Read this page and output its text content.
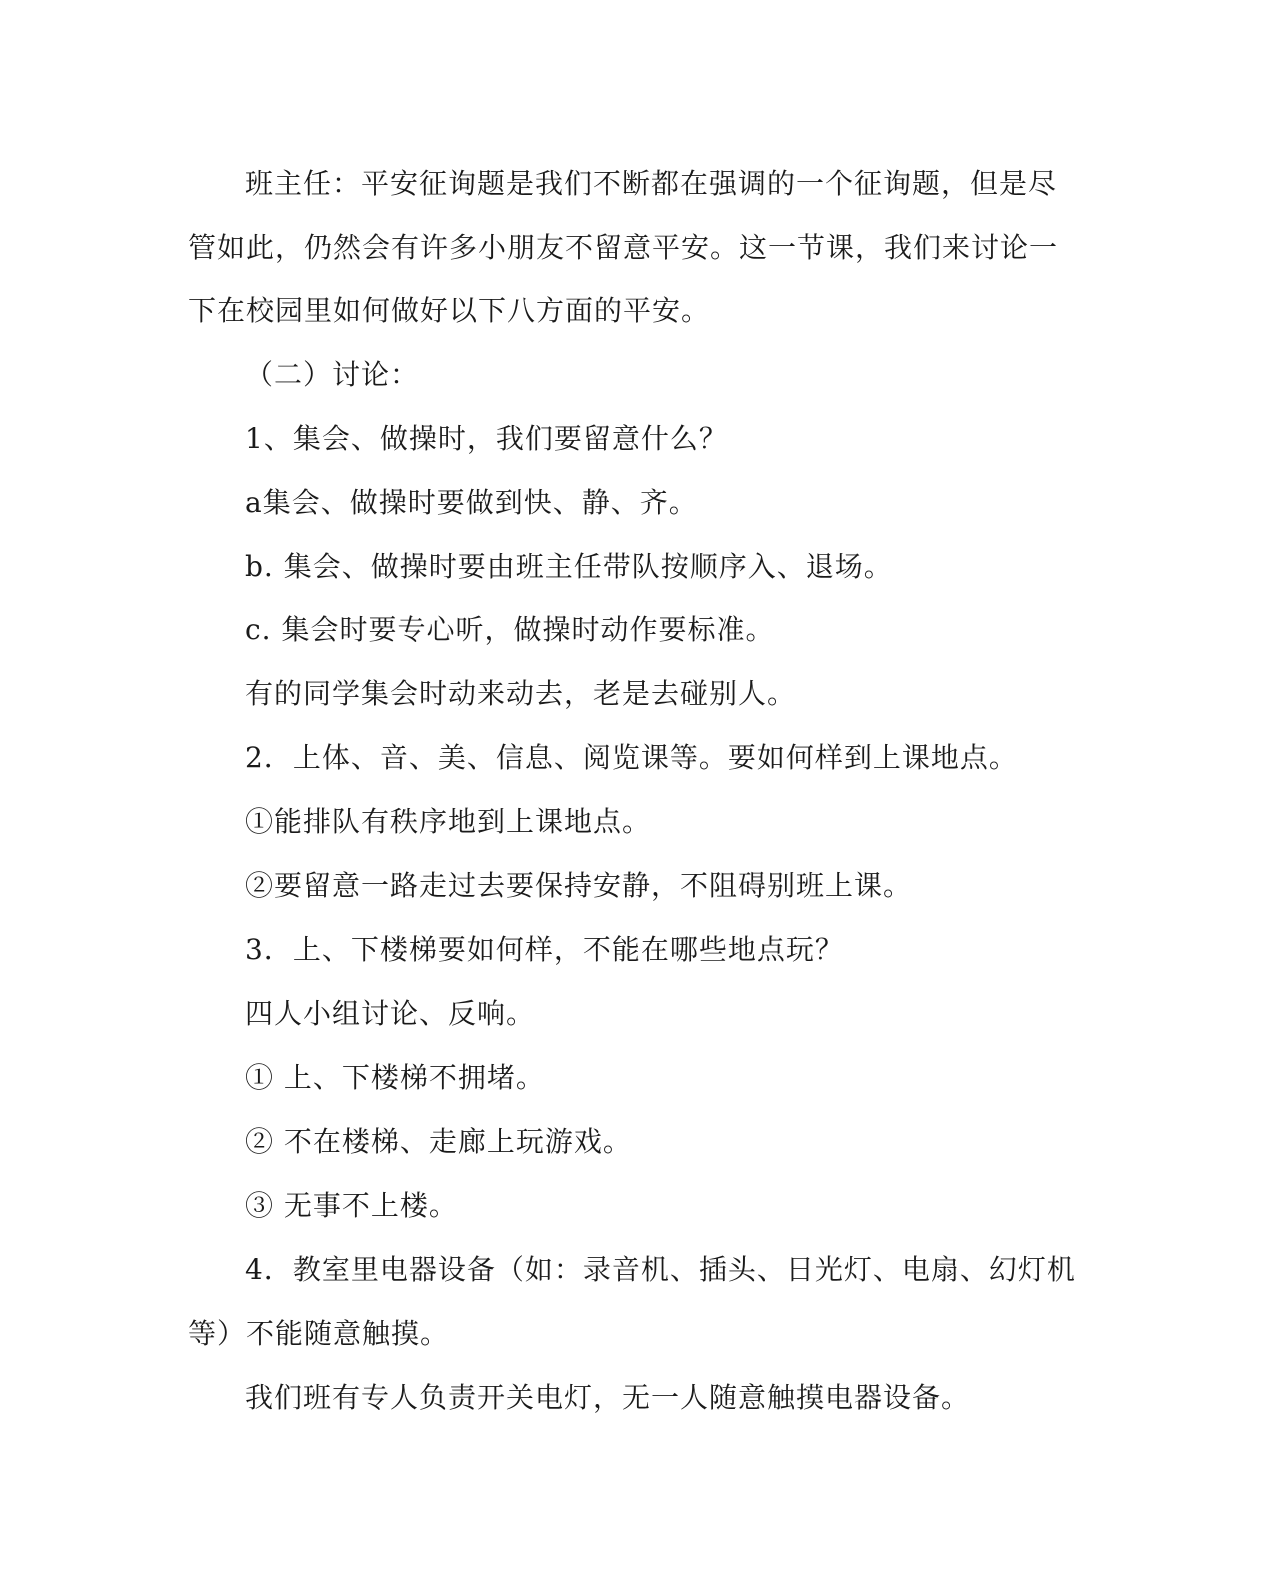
班主任：平安征询题是我们不断都在强调的一个征询题，但是尽
管如此，仍然会有许多小朋友不留意平安。这一节课，我们来讨论一
下在校园里如何做好以下八方面的平安。
（二）讨论：
1、集会、做操时，我们要留意什么？
a集会、做操时要做到快、静、齐。
b. 集会、做操时要由班主任带队按顺序入、退场。
c. 集会时要专心听，做操时动作要标准。
有的同学集会时动来动去，老是去碰别人。
2．上体、音、美、信息、阅览课等。要如何样到上课地点。
①能排队有秩序地到上课地点。
②要留意一路走过去要保持安静，不阻碍别班上课。
3．上、下楼梯要如何样，不能在哪些地点玩？
四人小组讨论、反响。
① 上、下楼梯不拥堵。
② 不在楼梯、走廊上玩游戏。
③ 无事不上楼。
4．教室里电器设备（如：录音机、插头、日光灯、电扇、幻灯机
等）不能随意触摸。
我们班有专人负责开关电灯，无一人随意触摸电器设备。
